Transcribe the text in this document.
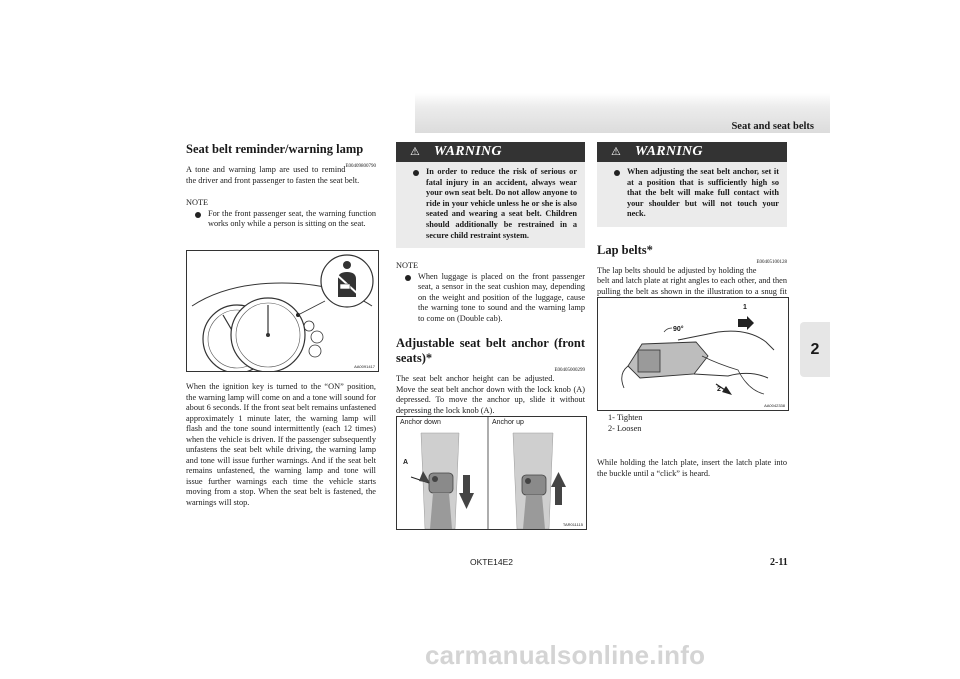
Seat and seat belts
2
Seat belt reminder/warning lamp
E00409800790

A tone and warning lamp are used to remind the driver and front passenger to fasten the seat belt.

NOTE

For the front passenger seat, the warning function works only while a person is sitting on the seat.
AA0091417

When the ignition key is turned to the “ON” position, the warning lamp will come on and a tone will sound for about 6 seconds. If the front seat belt remains unfastened approximately 1 minute later, the warning lamp will flash and the tone sound intermittently (each 12 times) when the vehicle is driven. If the passenger subsequently unfastens the seat belt while driving, the warning lamp and tone will issue further warnings. And if the seat belt remains unfastened, the warning lamp and tone will issue further warnings each time the vehicle starts moving from a stop. When the seat belt is fastened, the warnings will stop.

⚠ WARNING
In order to reduce the risk of serious or fatal injury in an accident, always wear your own seat belt. Do not allow anyone to ride in your vehicle unless he or she is also seated and wearing a seat belt. Children should additionally be restrained in a secure child restraint system.

NOTE

When luggage is placed on the front passenger seat, a sensor in the seat cushion may, depending on the weight and position of the luggage, cause the warning tone to sound and the warning lamp to come on (Double cab).
Adjustable seat belt anchor (front seats)*
E00405000299

The seat belt anchor height can be adjusted. Move the seat belt anchor down with the lock knob (A) depressed. To move the anchor up, slide it without depressing the lock knob (A).

Anchor down	Anchor up
A
TAR011115
⚠ WARNING
When adjusting the seat belt anchor, set it at a position that is sufficiently high so that the belt will make full contact with your shoulder but will not touch your neck.
Lap belts*
E00405100128

The lap belts should be adjusted by holding the belt and latch plate at right angles to each other, and then pulling the belt as shown in the illustration to a snug fit

90°
1
2
AA0042338

1- Tighten

2- Loosen

While holding the latch plate, insert the latch plate into the buckle until a “click” is heard.

OKTE14E2	2-11
carmanualsonline.info
